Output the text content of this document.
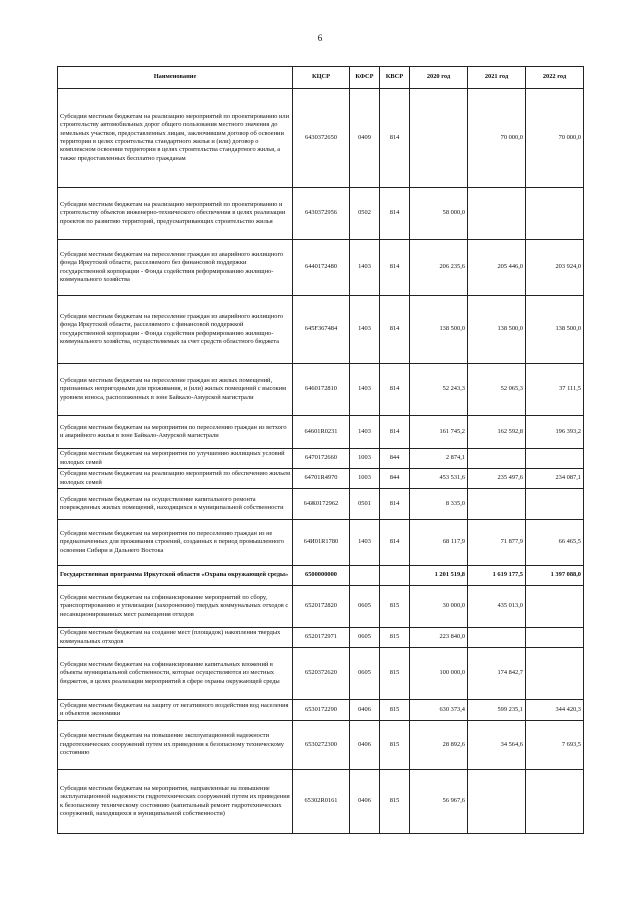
6
Наименование	КЦСР	КФСР	КВСР	2020 год	2021 год	2022 год
Субсидии местным бюджетам на реализацию мероприятий по проектированию или строительству автомобильных дорог общего пользования местного значения до земельных участков, предоставленных лицам, заключившим договор об освоении территории в целях строительства стандартного жилья и (или) договор о комплексном освоении территории в целях строительства стандартного жилья, а также предоставленных бесплатно гражданам	6430372650	0409	814		70 000,0	70 000,0
Субсидии местным бюджетам на реализацию мероприятий по проектированию и строительству объектов инженерно-технического обеспечения в целях реализации проектов по развитию территорий, предусматривающих строительство жилья	6430372956	0502	814	58 000,0		
Субсидии местным бюджетам на переселение граждан из аварийного жилищного фонда Иркутской области, расселяемого без финансовой поддержки государственной корпорации - Фонда содействия реформированию жилищно-коммунального хозяйства	6440172480	1403	814	206 235,6	205 446,0	203 924,0
Субсидии местным бюджетам на переселение граждан из аварийного жилищного фонда Иркутской области, расселяемого с финансовой поддержкой государственной корпорации - Фонда содействия реформированию жилищно-коммунального хозяйства, осуществляемых за счет средств областного бюджета	645F367484	1403	814	138 500,0	138 500,0	138 500,0
Субсидии местным бюджетам на переселение граждан из жилых помещений, признанных непригодными для проживания, и (или) жилых помещений с высоким уровнем износа, расположенных в зоне Байкало-Амурской магистрали	6460172810	1403	814	52 243,3	52 065,3	37 111,5
Субсидии местным бюджетам на мероприятия по переселению граждан из ветхого и аварийного жилья в зоне Байкало-Амурской магистрали	64601R0231	1403	814	161 745,2	162 592,8	196 393,2
Субсидии местным бюджетам на мероприятия по улучшению жилищных условий молодых семей	6470172660	1003	844	2 874,1		
Субсидии местным бюджетам на реализацию мероприятий по обеспечению жильем молодых семей	64701R4970	1003	844	453 531,6	235 497,6	234 087,1
Субсидии местным бюджетам на осуществление капитального ремонта поврежденных жилых помещений, находящихся в муниципальной собственности	64Ж0172962	0501	814	8 335,0		
Субсидии местным бюджетам на мероприятия по переселению граждан из не предназначенных для проживания строений, созданных в период промышленного освоения Сибири и Дальнего Востока	64И01R1780	1403	814	68 117,9	71 877,9	66 465,5
Государственная программа Иркутской области «Охрана окружающей среды»	6500000000			1 201 519,8	1 619 177,5	1 397 088,0
Субсидии местным бюджетам на софинансирование мероприятий по сбору, транспортированию и утилизации (захоронению) твердых коммунальных отходов с несанкционированных мест размещения отходов	6520172820	0605	815	30 000,0	435 013,0	
Субсидии местным бюджетам на создание мест (площадок) накопления твердых коммунальных отходов	6520172971	0605	815	223 840,0		
Субсидии местным бюджетам на софинансирование капитальных вложений в объекты муниципальной собственности, которые осуществляются из местных бюджетов, в целях реализации мероприятий в сфере охраны окружающей среды	6520372620	0605	815	100 000,0	174 842,7	
Субсидии местным бюджетам на защиту от негативного воздействия вод населения и объектов экономики	6530172290	0406	815	630 373,4	599 235,1	344 420,3
Субсидии местным бюджетам на повышение эксплуатационной надежности гидротехнических сооружений путем их приведения к безопасному техническому состоянию	6530272300	0406	815	28 892,6	34 564,6	7 693,5
Субсидии местным бюджетам на мероприятия, направленные на повышение эксплуатационной надежности гидротехнических сооружений путем их приведения к безопасному техническому состоянию (капитальный ремонт гидротехнических сооружений, находящихся в муниципальной собственности)	65302R0161	0406	815	56 967,6		
